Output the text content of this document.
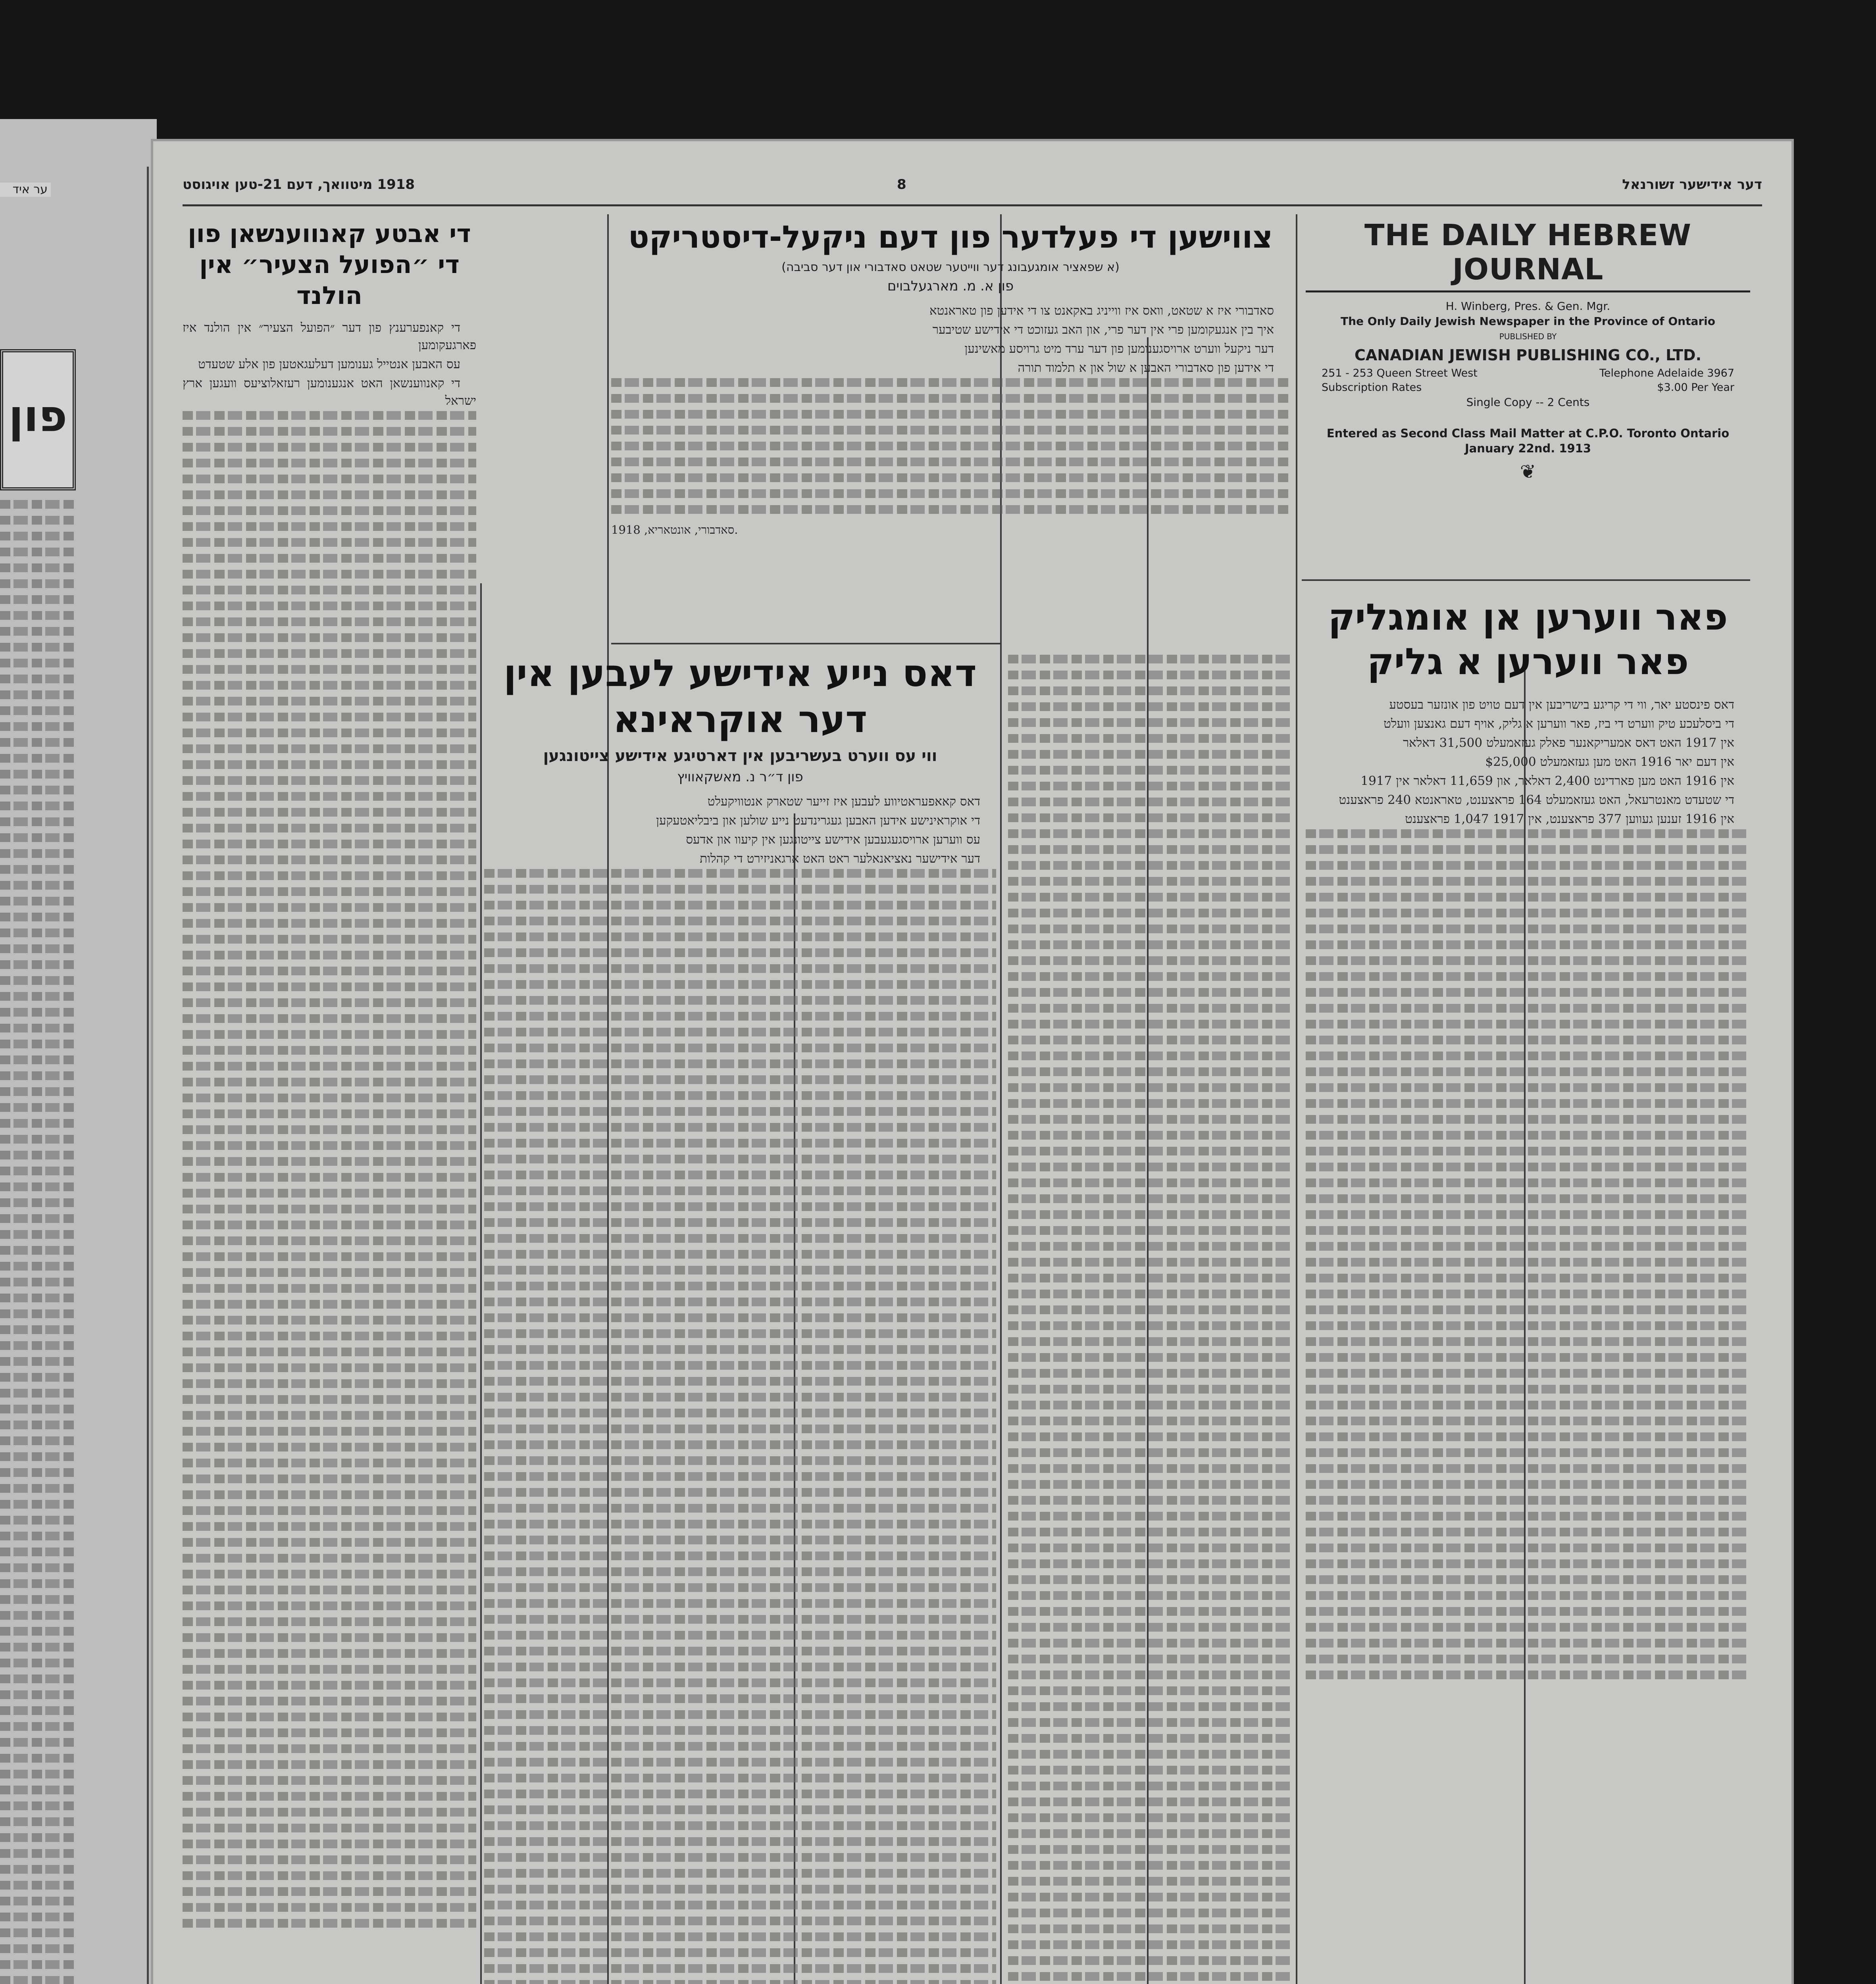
ער איד
פון
1918 מיטוואך, דעם 21-טען אויגוסט	8	דער אידישער זשורנאל
THE DAILY HEBREW JOURNAL
H. Winberg, Pres. & Gen. Mgr.
The Only Daily Jewish Newspaper in the Province of Ontario
PUBLISHED BY
CANADIAN JEWISH PUBLISHING CO., LTD.
251 - 253 Queen Street West	Telephone Adelaide 3967
Subscription Rates	$3.00 Per Year
Single Copy -- 2 Cents
Entered as Second Class Mail Matter at C.P.O. Toronto Ontario
January 22nd. 1913
❦
פאר ווערען אן אומגליק פאר ווערען א גליק

דאס פינסטע יאר, ווי די קריגע בישריבען אין דעם טויט פון אונזער בעסטע

די ביסלעכע טיק ווערט די ביז, פאר ווערען א גליק, אויף דעם גאנצען וועלט

אין 1917 האט דאס אמעריקאנער פאלק געזאמעלט 31,500 דאלאר

אין דעם יאר 1916 האט מען געזאמעלט $25,000

אין 1916 האט מען פארדינט 2,400 דאלאר, און 11,659 דאלאר אין 1917

די שטעדט מאנטרעאל, האט געזאמעלט 164 פראצענט, טאראנטא 240 פראצענט

אין 1916 זענען געווען 377 פראצענט, אין 1917 1,047 פראצענט

צווישען די פעלדער פון דעם ניקעל-דיסטריקט
(א שפאציר אומגעבונג דער ווייטער שטאט סאדבורי און דער סביבה)
פון א. מ. מארגעלבוים

סאדבורי איז א שטאט, וואס איז ווייניג באקאנט צו די אידען פון טאראנטא

איך בין אנגעקומען פרי אין דער פרי, און האב געזוכט די אידישע שטיבער

דער ניקעל ווערט ארויסגענומען פון דער ערד מיט גרויסע מאשינען

די אידען פון סאדבורי האבען א שול און א תלמוד תורה

סאדבורי, אונטאריא, 1918.
דאס נייע אידישע לעבען אין דער אוקראינא
ווי עס ווערט בעשריבען אין דארטיגע אידישע צייטונגען
פון ד״ר נ. מאשקאוויץ

דאס קאאפעראטיווע לעבען איז זייער שטארק אנטוויקעלט

די אוקראינישע אידען האבען געגרינדעט נייע שולען און ביבליאטעקען

עס ווערען ארויסגעגעבען אידישע צייטונגען אין קיעוו און אדעס

דער אידישער נאציאנאלער ראט האט ארגאניזירט די קהלות

די אבטע קאנווענשאן פון די ״הפועל הצעיר״ אין הולנד

די קאנפערענץ פון דער ״הפועל הצעיר״ אין הולנד איז פארגעקומען

עס האבען אנטייל גענומען דעלעגאטען פון אלע שטעדט

די קאנווענשאן האט אנגענומען רעזאלוציעס וועגען ארץ ישראל
